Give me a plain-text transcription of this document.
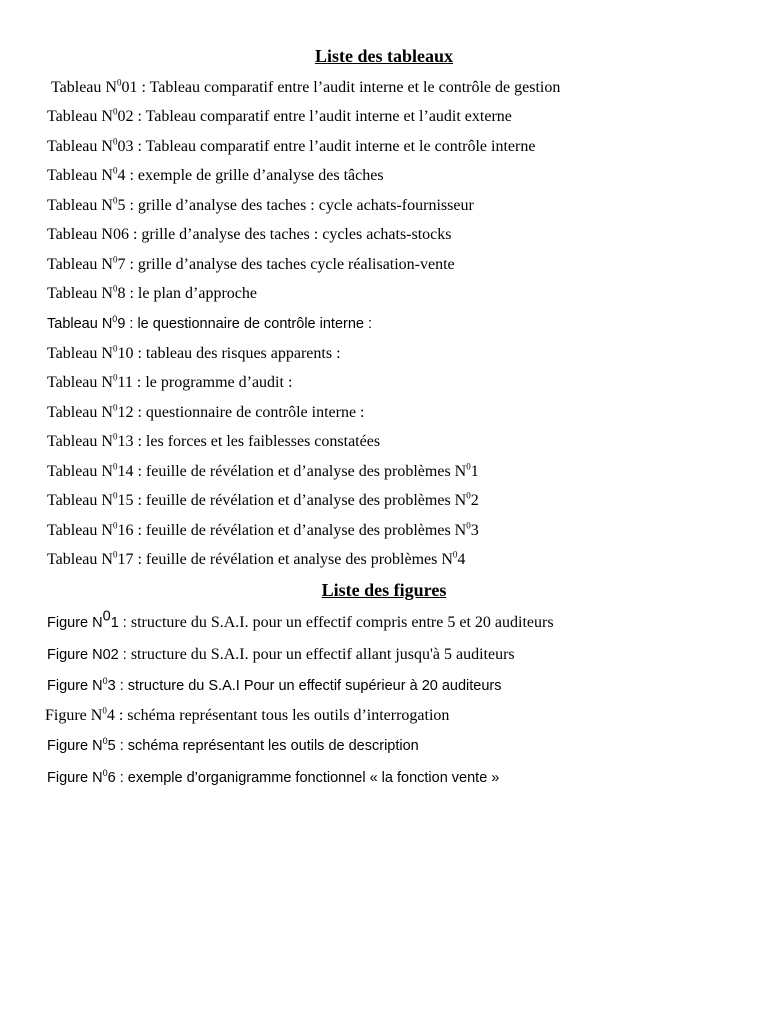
Liste des tableaux
Tableau $N^001$ : Tableau comparatif entre l’audit interne et le contrôle de gestion
Tableau $N^002$ : Tableau comparatif entre l’audit interne et l’audit externe
Tableau $N^003$ : Tableau comparatif entre l’audit interne et le contrôle interne
Tableau $N^04$ : exemple de grille d’analyse des tâches
Tableau $N^05$ : grille d’analyse des taches : cycle achats-fournisseur
Tableau N06 : grille d’analyse des taches : cycles achats-stocks
Tableau $N^07$ : grille d’analyse des taches cycle réalisation-vente
Tableau $N^08$ : le plan d’approche
Tableau $N^09$ : le questionnaire de contrôle interne :
Tableau $N^010$ : tableau des risques apparents :
Tableau $N^011$ : le programme d’audit :
Tableau $N^012$ : questionnaire de contrôle interne :
Tableau $N^013$ : les forces et les faiblesses constatées
Tableau $N^014$ : feuille de révélation et d’analyse des problèmes $N^01$
Tableau $N^015$ : feuille de révélation et d’analyse des problèmes $N^02$
Tableau $N^016$ : feuille de révélation et d’analyse des problèmes $N^03$
Tableau $N^017$ : feuille de révélation et analyse des problèmes $N^04$
Liste des figures
Figure $N^01$ : structure du S.A.I. pour un effectif compris entre 5 et 20 auditeurs
Figure N02 : structure du S.A.I. pour un effectif allant jusqu'à 5 auditeurs
Figure $N^03$ : structure du S.A.I Pour un effectif supérieur à 20 auditeurs
Figure $N^04$ : schéma représentant tous les outils d’interrogation
Figure $N^05$ : schéma représentant les outils de description
Figure $N^06$ : exemple d’organigramme fonctionnel « la fonction vente »
